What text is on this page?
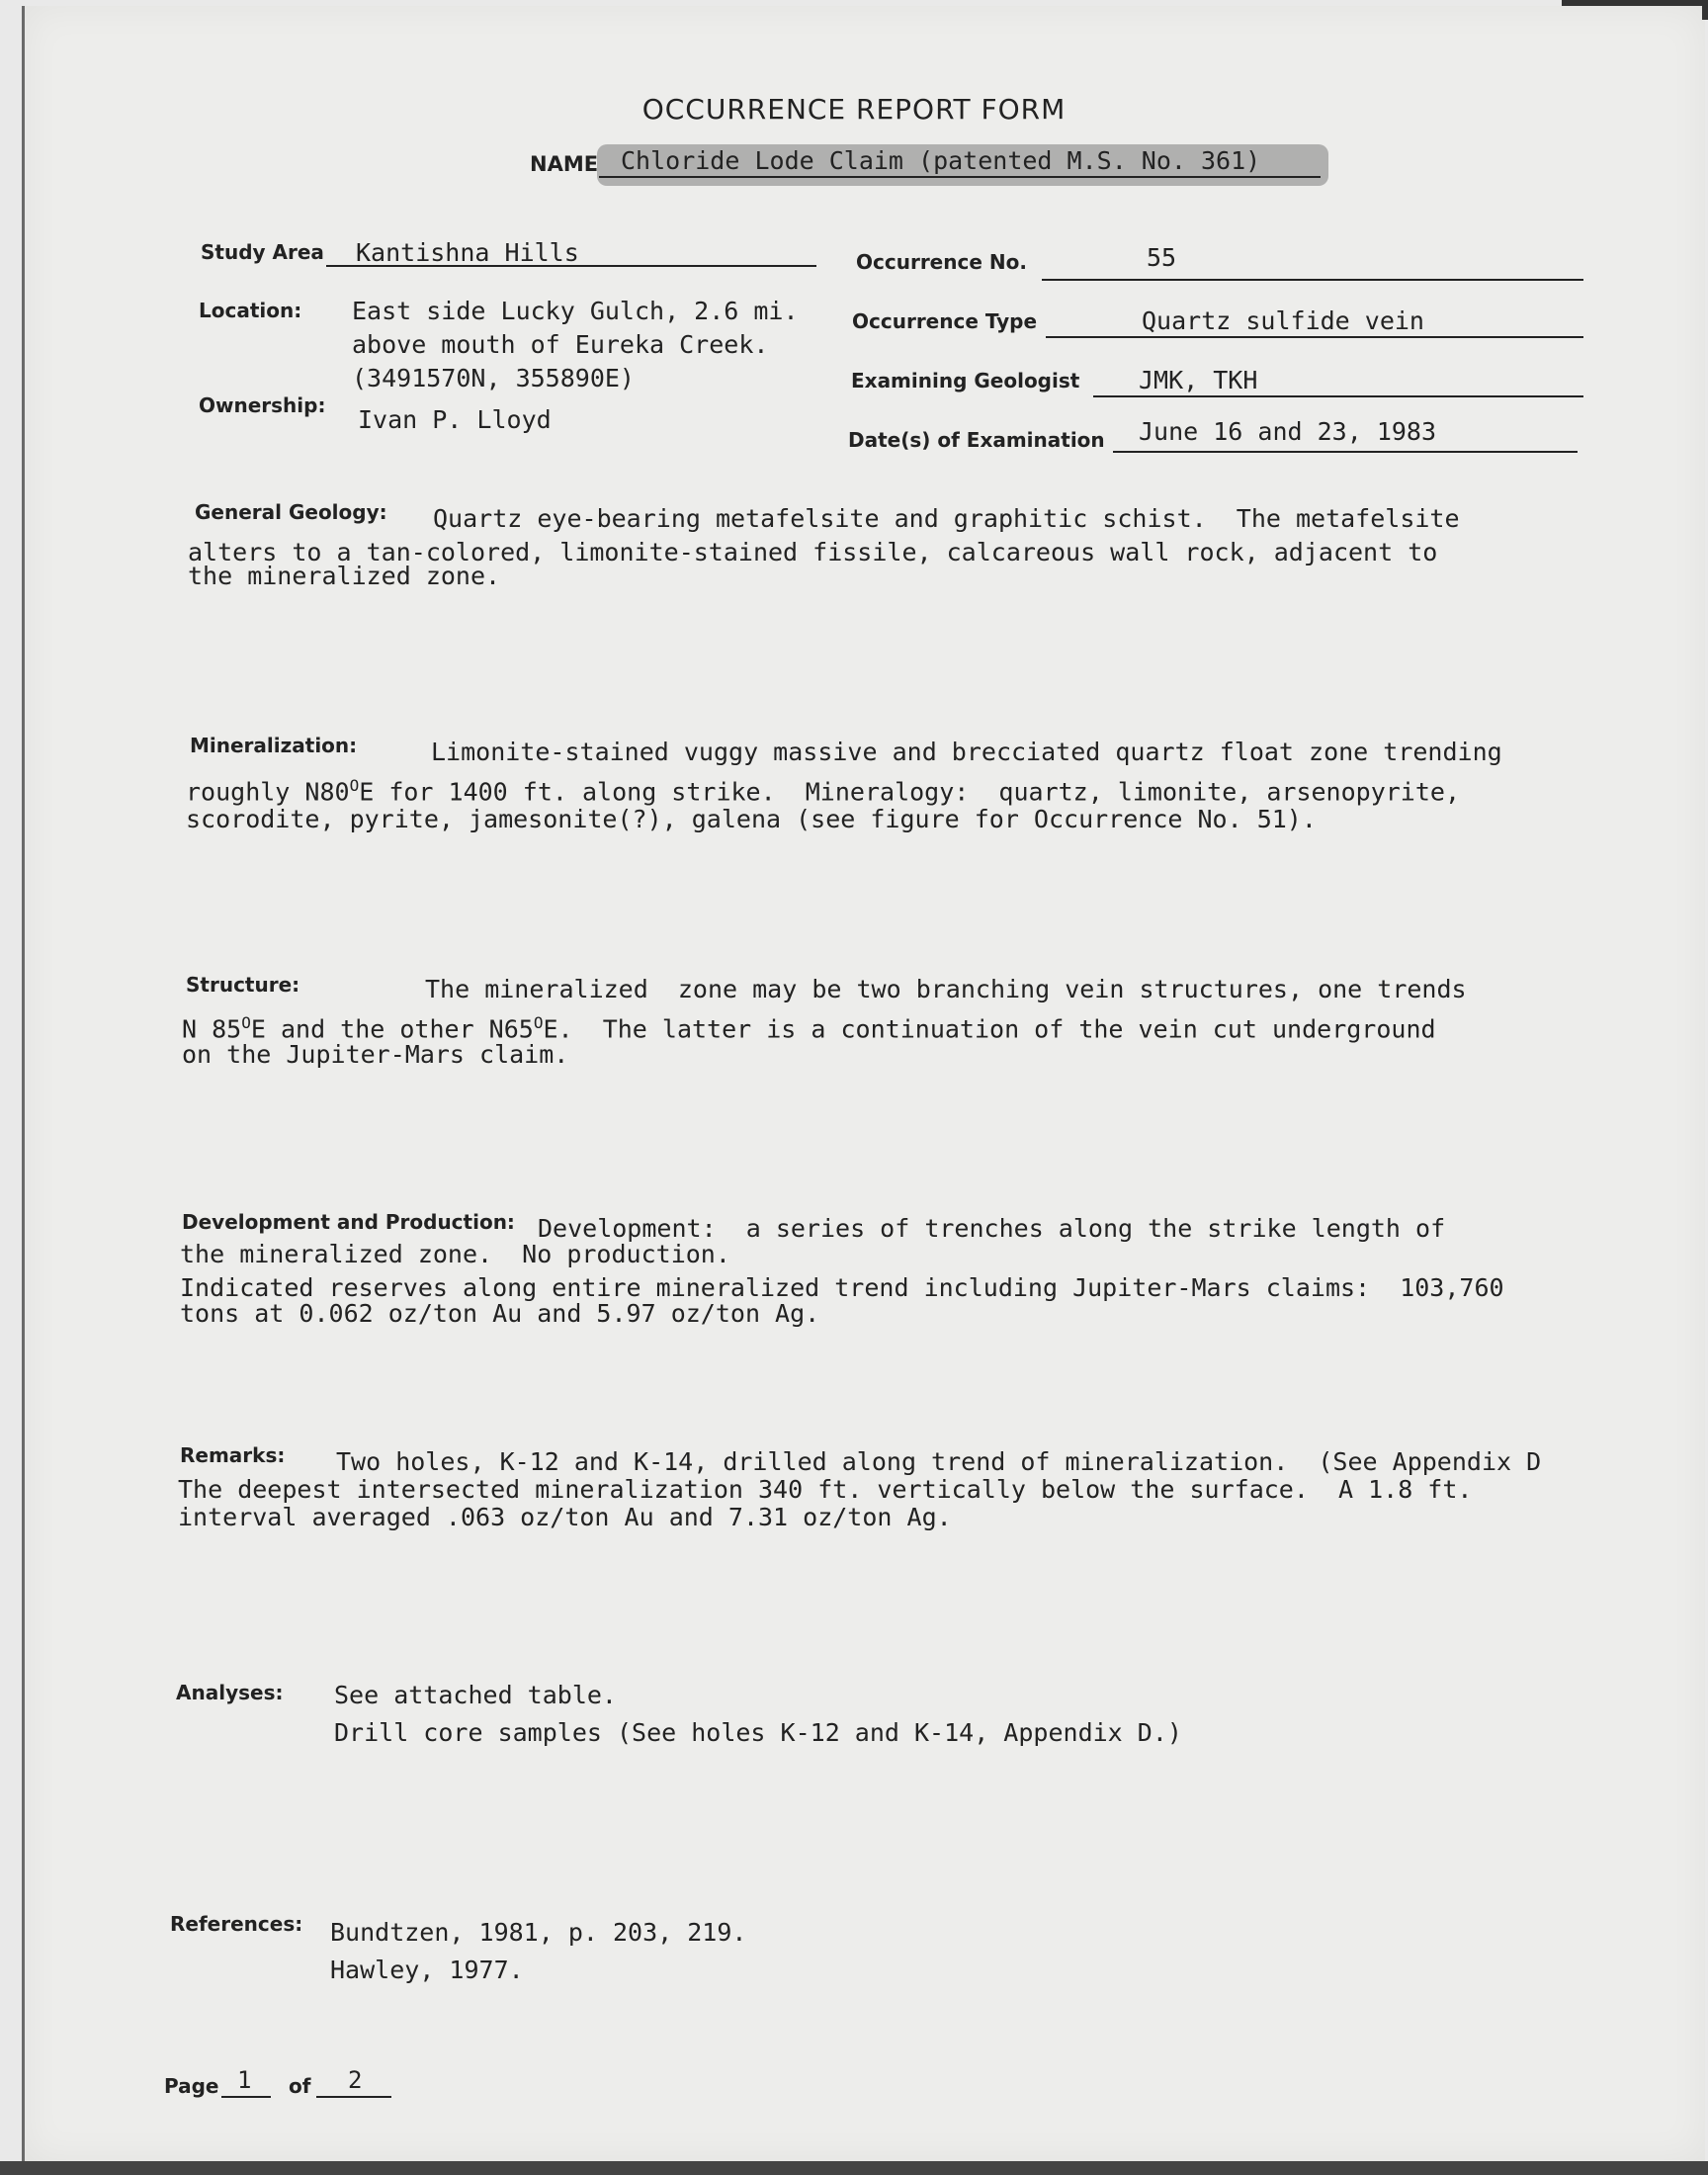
OCCURRENCE REPORT FORM
NAME Chloride Lode Claim (patented M.S. No. 361)
Study Area Kantishna Hills
Location: East side Lucky Gulch, 2.6 mi.

above mouth of Eureka Creek.

(3491570N, 355890E)

Ownership: Ivan P. Lloyd
Occurrence No.	55
Occurrence Type	Quartz sulfide vein
Examining Geologist JMK, TKH
Date(s) of Examination June 16 and 23, 1983
General Geology:	Quartz eye-bearing metafelsite and graphitic schist.  The metafelsite

alters to a tan-colored, limonite-stained fissile, calcareous wall rock, adjacent to

the mineralized zone.

Mineralization:	Limonite-stained vuggy massive and brecciated quartz float zone trending

roughly $N80^OE$ for 1400 ft. along strike.  Mineralogy:  quartz, limonite, arsenopyrite,

scorodite, pyrite, jamesonite(?), galena (see figure for Occurrence No. 51).

Structure:	The mineralized  zone may be two branching vein structures, one trends

N $85^OE$ and the other $N65^OE$.  The latter is a continuation of the vein cut underground

on the Jupiter-Mars claim.

Development and Production: Development:  a series of trenches along the strike length of

the mineralized zone.  No production.

Indicated reserves along entire mineralized trend including Jupiter-Mars claims:  103,760

tons at 0.062 oz/ton Au and 5.97 oz/ton Ag.

Remarks:	Two holes, K-12 and K-14, drilled along trend of mineralization.  (See Appendix D

The deepest intersected mineralization 340 ft. vertically below the surface.  A 1.8 ft.

interval averaged .063 oz/ton Au and 7.31 oz/ton Ag.

Analyses: See attached table.

Drill core samples (See holes K-12 and K-14, Appendix D.)

References: Bundtzen, 1981, p. 203, 219.

Hawley, 1977.

Page 1 of 2
